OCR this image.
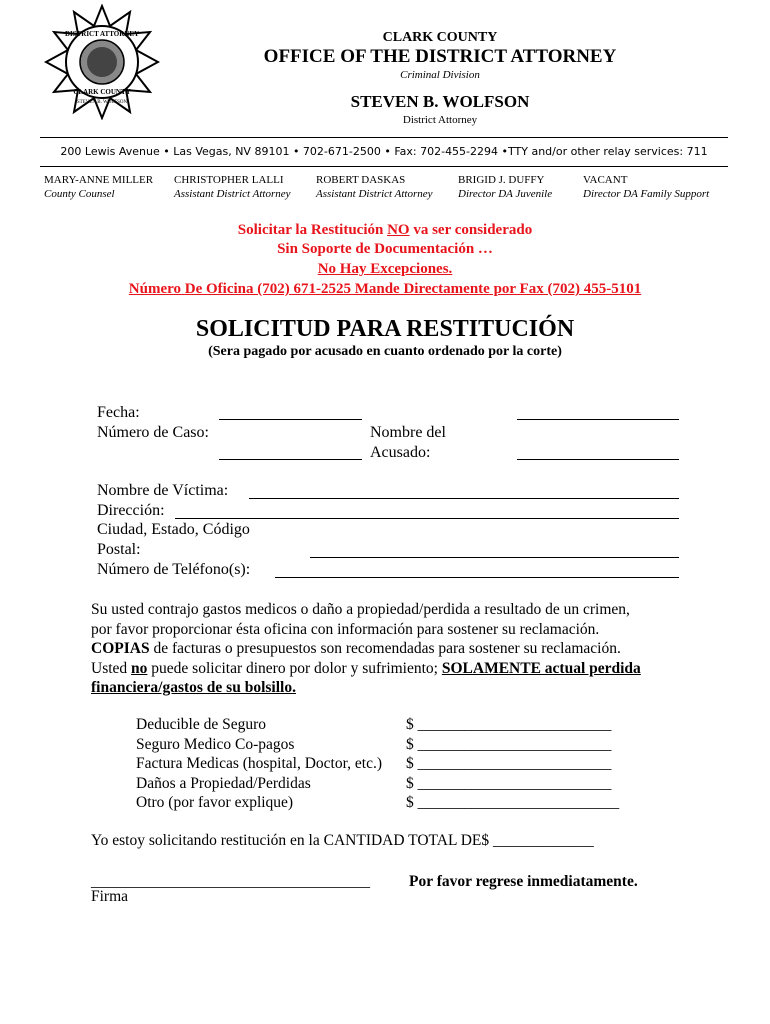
DISTRICT ATTORNEY
CLARK COUNTY
STEVEN B. WOLFSON
CLARK COUNTY
OFFICE OF THE DISTRICT ATTORNEY
Criminal Division
STEVEN B. WOLFSON
District Attorney
200 Lewis Avenue • Las Vegas, NV 89101 • 702-671-2500 • Fax: 702-455-2294 •TTY and/or other relay services: 711
MARY-ANNE MILLER
County Counsel
CHRISTOPHER LALLI
Assistant District Attorney
ROBERT DASKAS
Assistant District Attorney
BRIGID J. DUFFY
Director DA Juvenile
VACANT
Director DA Family Support
Solicitar la Restitución NO va ser considerado
Sin Soporte de Documentación …
No Hay Excepciones.
Número De Oficina (702) 671-2525 Mande Directamente por Fax (702) 455-5101
SOLICITUD PARA RESTITUCIÓN
(Sera pagado por acusado en cuanto ordenado por la corte)
Fecha:
Número de Caso:	Nombre del
Acusado:
Nombre de Víctima:
Dirección:
Ciudad, Estado, Código
Postal:
Número de Teléfono(s):
Su usted contrajo gastos medicos o daño a propiedad/perdida a resultado de un crimen,
por favor proporcionar ésta oficina con información para sostener su reclamación.
COPIAS de facturas o presupuestos son recomendadas para sostener su reclamación.
Usted no puede solicitar dinero por dolor y sufrimiento; SOLAMENTE actual perdida
financiera/gastos de su bolsillo.
Deducible de Seguro
Seguro Medico Co-pagos
Factura Medicas (hospital, Doctor, etc.)
Daños a Propiedad/Perdidas
Otro (por favor explique)
$ _________________________
$ _________________________
$ _________________________
$ _________________________
$ __________________________
Yo estoy solicitando restitución en la CANTIDAD TOTAL DE$ _____________
____________________________________
Firma
Por favor regrese inmediatamente.
